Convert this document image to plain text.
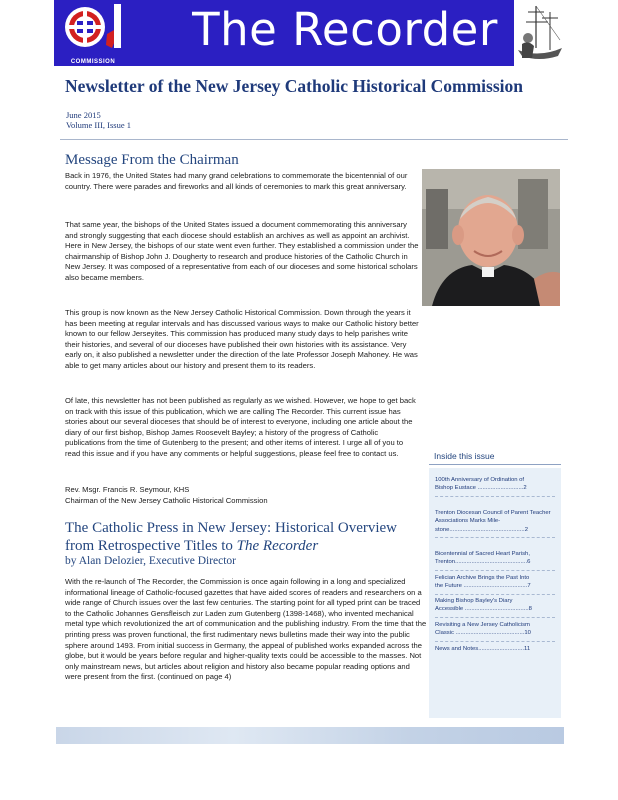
COMMISSION
The Recorder
Newsletter of the New Jersey Catholic Historical Commission
June 2015
Volume III, Issue 1
Message From the Chairman

Back in 1976, the United States had many grand celebrations to commemorate the bicentennial of our country. There were parades and fireworks and all kinds of ceremonies to mark this great anniversary.

That same year, the bishops of the United States issued a document commemorating this anniversary and strongly suggesting that each diocese should establish an archives as well as appoint an archivist. Here in New Jersey, the bishops of our state went even further. They established a commission under the chairmanship of Bishop John J. Dougherty to research and produce histories of the Catholic Church in New Jersey. It was composed of a representative from each of our dioceses and some historical scholars also became members.

This group is now known as the New Jersey Catholic Historical Commission. Down through the years it has been meeting at regular intervals and has discussed various ways to make our Catholic history better known to our fellow Jerseyites. This commission has produced many study days to help parishes write their histories, and several of our dioceses have published their own histories with its assistance. Very early on, it also published a newsletter under the direction of the late Professor Joseph Mahoney. He was able to get many articles about our history and present them to its readers.

Of late, this newsletter has not been published as regularly as we wished. However, we hope to get back on track with this issue of this publication, which we are calling The Recorder. This current issue has stories about our several dioceses that should be of interest to everyone, including one article about the diary of our first bishop, Bishop James Roosevelt Bayley; a history of the progress of Catholic publications from the time of Gutenberg to the present; and other items of interest. I urge all of you to read this issue and if you have any comments or helpful suggestions, please feel free to contact us.

Rev. Msgr. Francis R. Seymour, KHS
Chairman of the New Jersey Catholic Historical Commission
Inside this issue
100th Anniversary of Ordination of
Bishop Eustace ............................2
Trenton Diocesan Council of Parent Teacher Associations Marks Mile-
stone..............................................2
Bicentennial of Sacred Heart Parish,
Trenton............................................6
Felician Archive Brings the Past Into
the Future .......................................7
Making Bishop Bayley's Diary
Accessible .......................................8
Revisiting a New Jersey Catholicism
Classic ..........................................10
News and Notes............................11
The Catholic Press in New Jersey: Historical Overview from Retrospective Titles to The Recorder
by Alan Delozier, Executive Director

With the re-launch of The Recorder, the Commission is once again following in a long and specialized informational lineage of Catholic-focused gazettes that have aided scores of readers and researchers on a wide range of Church issues over the last few centuries. The starting point for all typed print can be traced to the Catholic Johannes Gensfleisch zur Laden zum Gutenberg (1398-1468), who invented mechanical metal type which revolutionized the art of communication and the publishing industry. From the time that the printing press was proven functional, the first rudimentary news bulletins made their way into the public sphere around 1493. From initial success in Germany, the appeal of published works expanded across the globe, but it would be years before regular and higher-quality texts could be accessible to the masses. Not only mainstream news, but articles about religion and history also became popular reading options and were present from the first. (continued on page 4)
